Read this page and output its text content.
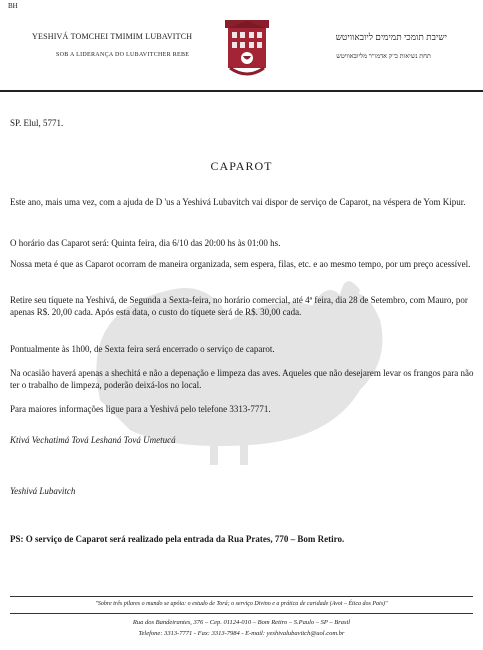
BH
YESHIVÁ TOMCHEI TMIMIM LUBAVITCH
SOB A LIDERANÇA DO LUBAVITCHER REBE
ישיבת תומכי תמימים ליובאוויטש
תחת נשיאות כ"ק אדמו"ר מליובאוויטש
SP. Elul, 5771.
CAPAROT
Este ano, mais uma vez, com a ajuda de D 'us a Yeshivá Lubavitch vai dispor de serviço de Caparot, na véspera de Yom Kipur.
O horário das Caparot será: Quinta feira, dia 6/10 das 20:00 hs às 01:00 hs.
Nossa meta é que as Caparot ocorram de maneira organizada, sem espera, filas, etc. e ao mesmo tempo, por um preço acessível.
Retire seu tíquete na Yeshivá, de Segunda a Sexta-feira, no horário comercial, até 4ª feira, dia 28 de Setembro, com Mauro, por apenas R$. 20,00 cada. Após esta data, o custo do tíquete será de R$. 30,00 cada.
Pontualmente às 1h00, de Sexta feira será encerrado o serviço de caparot.
Na ocasião haverá apenas a shechitá e não a depenação e limpeza das aves. Aqueles que não desejarem levar os frangos para não ter o trabalho de limpeza, poderão deixá-los no local.
Para maiores informações ligue para a Yeshivá pelo telefone 3313-7771.
Ktivá Vechatimá Tová Leshaná Tová Umetucá
Yeshivá Lubavitch
PS: O serviço de Caparot será realizado pela entrada da Rua Prates, 770 – Bom Retiro.
"Sobre três pilares o mundo se apóia: o estudo de Torá; o serviço Divino e a prática de caridade (Avot – Ética dos Pais)"
Rua dos Bandeirantes, 376 – Cep. 01124-010 – Bom Retiro – S.Paulo – SP – Brasil
Telefone: 3313-7771 - Fax: 3313-7984 - E-mail: yeshivalubavitch@uol.com.br
